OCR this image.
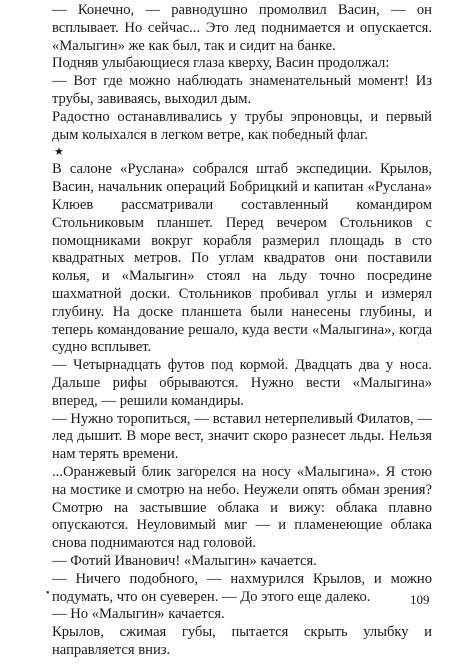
— Конечно, — равнодушно промолвил Васин, — он всплывает. Но сейчас... Это лед поднимается и опускается. «Малыгин» же как был, так и сидит на банке.

Подняв улыбающиеся глаза кверху, Васин продолжал:

— Вот где можно наблюдать знаменательный момент! Из трубы, завиваясь, выходил дым.

Радостно останавливались у трубы эпроновцы, и первый дым колыхался в легком ветре, как победный флаг.

★

В салоне «Руслана» собрался штаб экспедиции. Крылов, Васин, начальник операций Бобрицкий и капитан «Руслана» Клюев рассматривали составленный командиром Стольниковым планшет. Перед вечером Стольников с помощниками вокруг корабля размерил площадь в сто квадратных метров. По углам квадратов они поставили колья, и «Малыгин» стоял на льду точно посредине шахматной доски. Стольников пробивал углы и измерял глубину. На доске планшета были нанесены глубины, и теперь командование решало, куда вести «Малыгина», когда судно всплывет.

— Четырнадцать футов под кормой. Двадцать два у носа. Дальше рифы обрываются. Нужно вести «Малыгина» вперед, — решили командиры.

— Нужно торопиться, — вставил нетерпеливый Филатов, — лед дышит. В море вест, значит скоро разнесет льды. Нельзя нам терять времени.

...Оранжевый блик загорелся на носу «Малыгина». Я стою на мостике и смотрю на небо. Неужели опять обман зрения? Смотрю на застывшие облака и вижу: облака плавно опускаются. Неуловимый миг — и пламенеющие облака снова поднимаются над головой.

— Фотий Иванович! «Малыгин» качается.

— Ничего подобного, — нахмурился Крылов, и можно подумать, что он суеверен. — До этого еще далеко.

— Но «Малыгин» качается.

Крылов, сжимая губы, пытается скрыть улыбку и направляется вниз.

•	109
